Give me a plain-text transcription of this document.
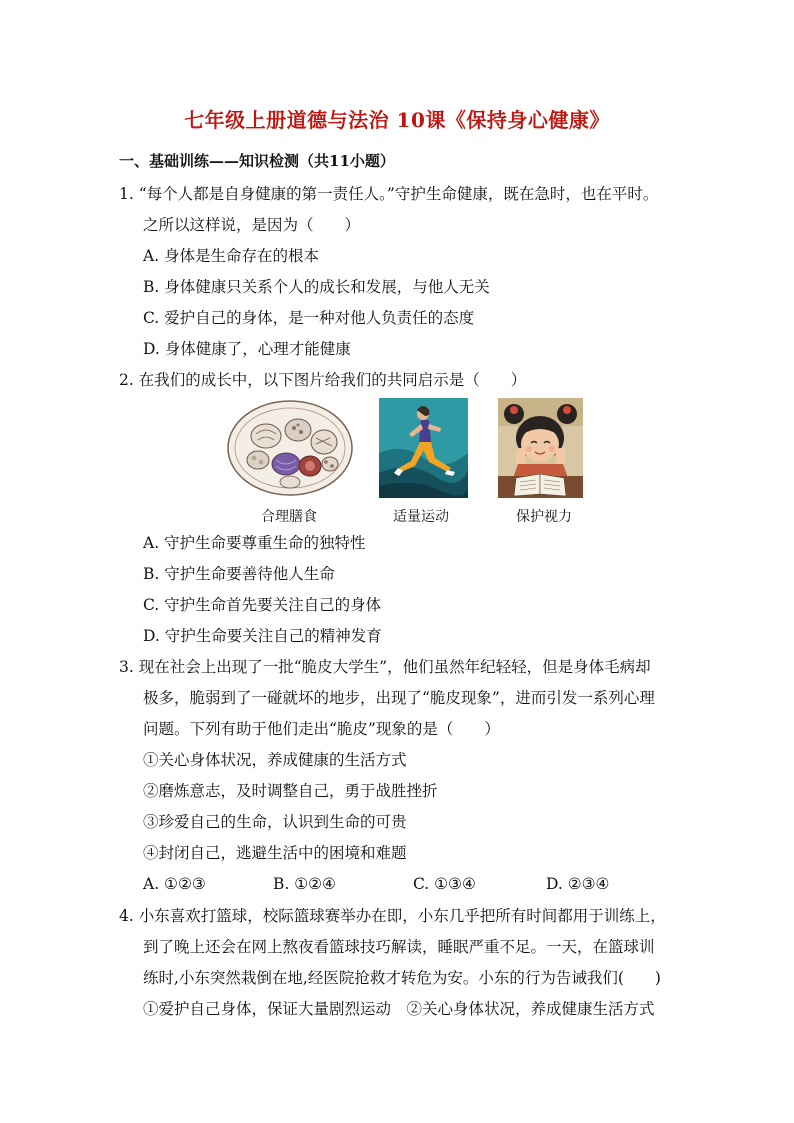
七年级上册道德与法治 10课《保持身心健康》
一、基础训练——知识检测（共11小题）
1. “每个人都是自身健康的第一责任人。”守护生命健康，既在急时，也在平时。
之所以这样说，是因为（　　）
A. 身体是生命存在的根本
B. 身体健康只关系个人的成长和发展，与他人无关
C. 爱护自己的身体，是一种对他人负责任的态度
D. 身体健康了，心理才能健康
2. 在我们的成长中，以下图片给我们的共同启示是（　　）
合理膳食	适量运动	保护视力
A. 守护生命要尊重生命的独特性
B. 守护生命要善待他人生命
C. 守护生命首先要关注自己的身体
D. 守护生命要关注自己的精神发育
3. 现在社会上出现了一批“脆皮大学生”，他们虽然年纪轻轻，但是身体毛病却
极多，脆弱到了一碰就坏的地步，出现了“脆皮现象”，进而引发一系列心理
问题。下列有助于他们走出“脆皮”现象的是（　　）
①关心身体状况，养成健康的生活方式
②磨炼意志，及时调整自己，勇于战胜挫折
③珍爱自己的生命，认识到生命的可贵
④封闭自己，逃避生活中的困境和难题
A. ①②③	B. ①②④	C. ①③④	D. ②③④
4. 小东喜欢打篮球，校际篮球赛举办在即，小东几乎把所有时间都用于训练上，
到了晚上还会在网上熬夜看篮球技巧解读，睡眠严重不足。一天，在篮球训
练时,小东突然栽倒在地,经医院抢救才转危为安。小东的行为告诫我们(　　)
①爱护自己身体，保证大量剧烈运动　②关心身体状况，养成健康生活方式
